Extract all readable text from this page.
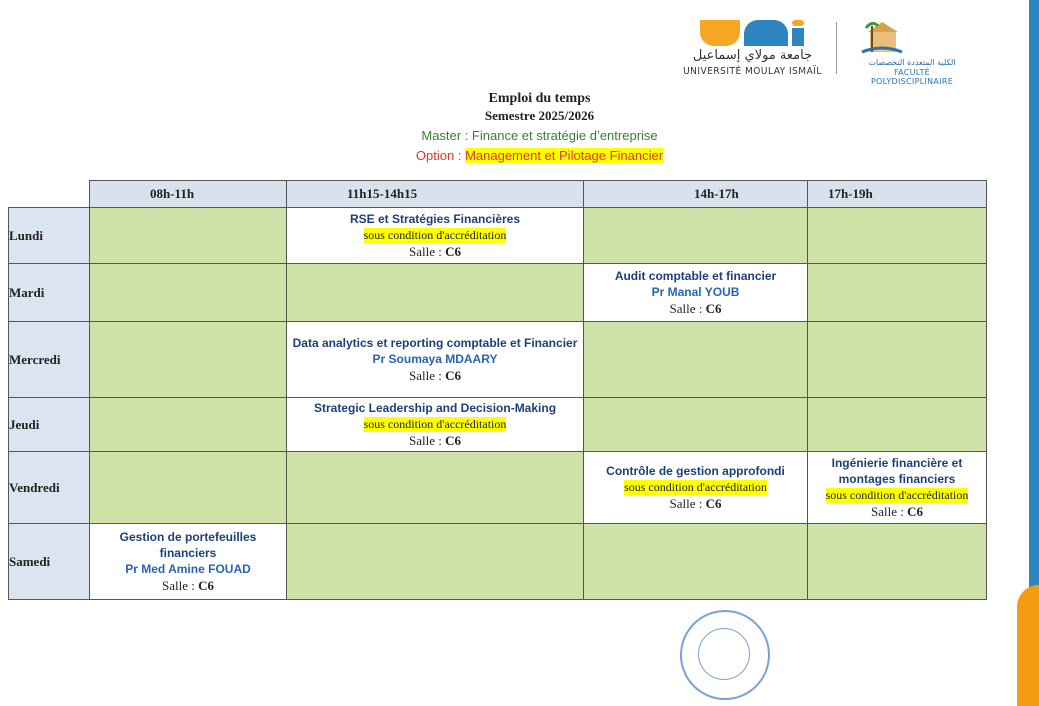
جامعة مولاي إسماعيل
UNIVERSITÉ MOULAY ISMAÏL
الكلية المتعددة التخصصات
FACULTÉ POLYDISCIPLINAIRE
Emploi du temps
Semestre 2025/2026
Master : Finance et stratégie d’entreprise
Option : Management et Pilotage Financier
	08h-11h	11h15-14h15	14h-17h	17h-19h
Lundi		RSE et Stratégies Financières
sous condition d'accréditation
Salle : C6		

Mardi			Audit comptable et financier
Pr Manal YOUB
Salle : C6	

Mercredi		Data analytics et reporting comptable et Financier
Pr Soumaya MDAARY
Salle : C6		

Jeudi		Strategic Leadership and Decision-Making
sous condition d'accréditation
Salle : C6		

Vendredi			Contrôle de gestion approfondi
sous condition d'accréditation
Salle : C6	Ingénierie financière et montages financiers
sous condition d'accréditation
Salle : C6

Samedi	Gestion de portefeuilles financiers
Pr Med Amine FOUAD
Salle : C6			
